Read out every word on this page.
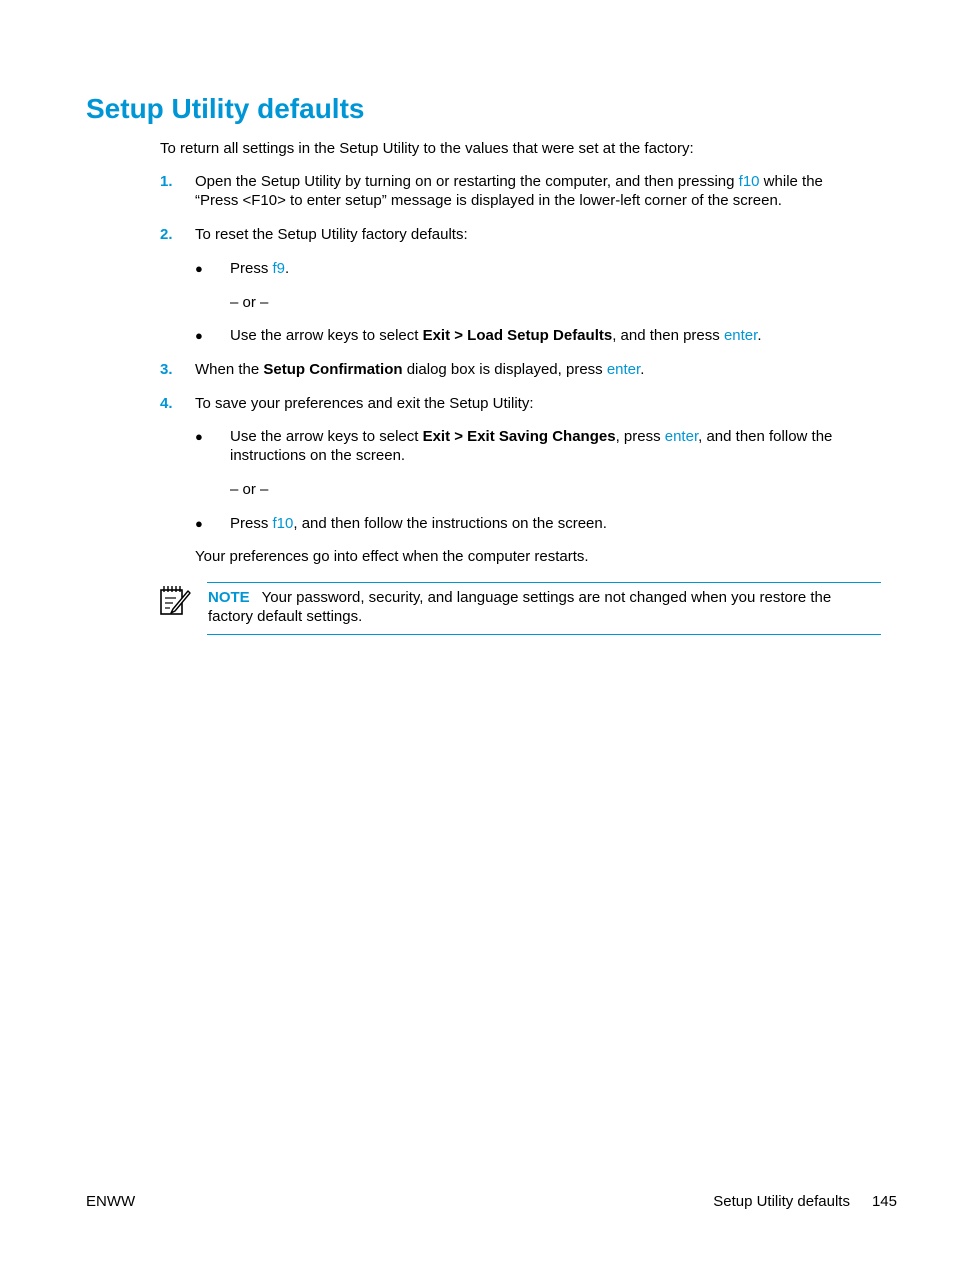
Setup Utility defaults
To return all settings in the Setup Utility to the values that were set at the factory:
1. Open the Setup Utility by turning on or restarting the computer, and then pressing f10 while the
“Press <F10> to enter setup” message is displayed in the lower-left corner of the screen.
2. To reset the Setup Utility factory defaults:
● Press f9.
– or –
● Use the arrow keys to select Exit > Load Setup Defaults, and then press enter.
3. When the Setup Confirmation dialog box is displayed, press enter.
4. To save your preferences and exit the Setup Utility:
● Use the arrow keys to select Exit > Exit Saving Changes, press enter, and then follow the
instructions on the screen.
– or –
● Press f10, and then follow the instructions on the screen.
Your preferences go into effect when the computer restarts.
NOTE Your password, security, and language settings are not changed when you restore the factory default settings.
ENWW	Setup Utility defaults 145
